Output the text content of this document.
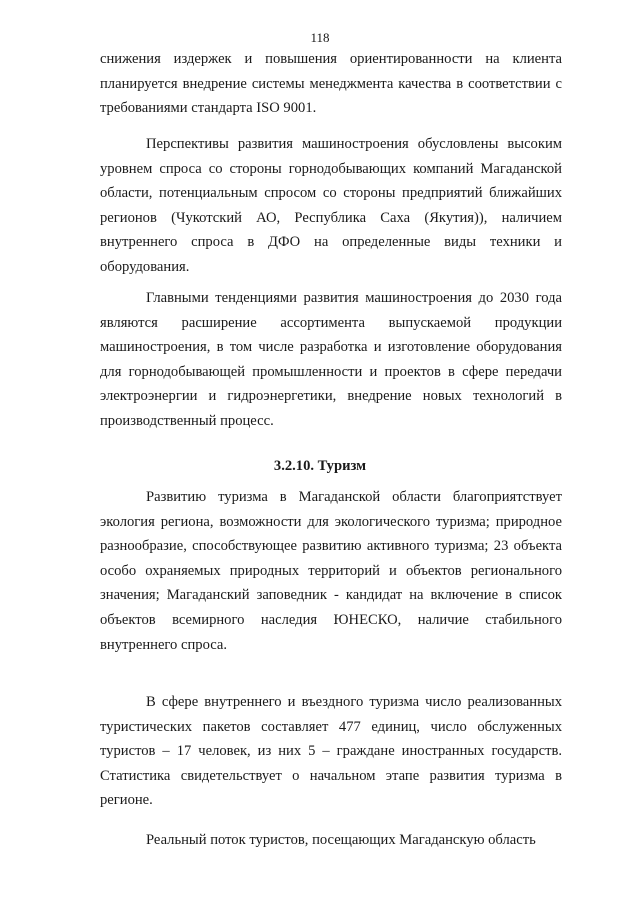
118

снижения издержек и повышения ориентированности на клиента планируется внедрение системы менеджмента качества в соответствии с требованиями стандарта ISO 9001.

Перспективы развития машиностроения обусловлены высоким уровнем спроса со стороны горнодобывающих компаний Магаданской области, потенциальным спросом со стороны предприятий ближайших регионов (Чукотский АО, Республика Саха (Якутия)), наличием внутреннего спроса в ДФО на определенные виды техники и оборудования.

Главными тенденциями развития машиностроения до 2030 года являются расширение ассортимента выпускаемой продукции машиностроения, в том числе разработка и изготовление оборудования для горнодобывающей промышленности и проектов в сфере передачи электроэнергии и гидроэнергетики, внедрение новых технологий в производственный процесс.

3.2.10. Туризм

Развитию туризма в Магаданской области благоприятствует экология региона, возможности для экологического туризма; природное разнообразие, способствующее развитию активного туризма; 23 объекта особо охраняемых природных территорий и объектов регионального значения; Магаданский заповедник - кандидат на включение в список объектов всемирного наследия ЮНЕСКО, наличие стабильного внутреннего спроса.

В сфере внутреннего и въездного туризма число реализованных туристических пакетов составляет 477 единиц, число обслуженных туристов – 17 человек, из них 5 – граждане иностранных государств. Статистика свидетельствует о начальном этапе развития туризма в регионе.

Реальный поток туристов, посещающих Магаданскую область
